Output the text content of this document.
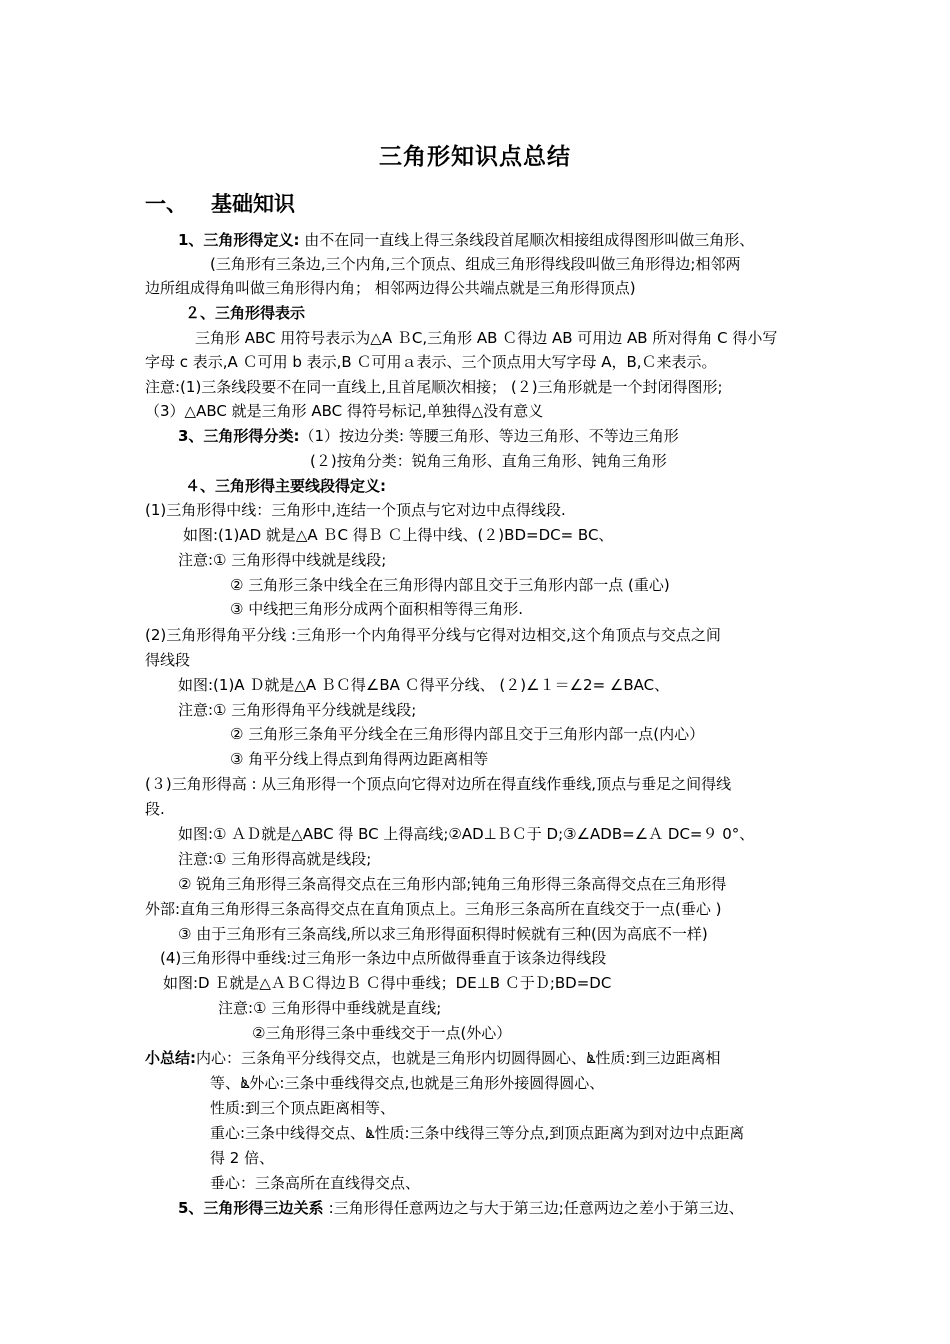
三角形知识点总结
一、 基础知识
1、三角形得定义: 由不在同一直线上得三条线段首尾顺次相接组成得图形叫做三角形、
(三角形有三条边,三个内角,三个顶点、组成三角形得线段叫做三角形得边;相邻两
边所组成得角叫做三角形得内角； 相邻两边得公共端点就是三角形得顶点)
２、三角形得表示
三角形 ABC 用符号表示为△A ＢC,三角形 AB Ｃ得边 AB 可用边 AB 所对得角 C 得小写
字母 c 表示,A Ｃ可用 b 表示,B Ｃ可用ａ表示、三个顶点用大写字母 A，B,Ｃ来表示。
注意:(1)三条线段要不在同一直线上,且首尾顺次相接； (２)三角形就是一个封闭得图形;
（3）△ABC 就是三角形 ABC 得符号标记,单独得△没有意义
3、三角形得分类:（1）按边分类: 等腰三角形、等边三角形、不等边三角形
(２)按角分类：锐角三角形、直角三角形、钝角三角形
４、三角形得主要线段得定义:
(1)三角形得中线：三角形中,连结一个顶点与它对边中点得线段.
如图:(1)AD 就是△A ＢC 得Ｂ Ｃ上得中线、(２)BD=DC= BC、
注意:① 三角形得中线就是线段;
② 三角形三条中线全在三角形得内部且交于三角形内部一点 (重心)
③ 中线把三角形分成两个面积相等得三角形.
(2)三角形得角平分线 :三角形一个内角得平分线与它得对边相交,这个角顶点与交点之间
得线段
如图:(1)A Ｄ就是△A ＢＣ得∠BA Ｃ得平分线、 (２)∠１＝∠2= ∠BAC、
注意:① 三角形得角平分线就是线段;
② 三角形三条角平分线全在三角形得内部且交于三角形内部一点(内心）
③ 角平分线上得点到角得两边距离相等
(３)三角形得高 : 从三角形得一个顶点向它得对边所在得直线作垂线,顶点与垂足之间得线
段.
如图:① ＡＤ就是△ABC 得 BC 上得高线;②AD⊥ＢＣ于 D;③∠ADB=∠Ａ DC=９ 0°、
注意:① 三角形得高就是线段;
② 锐角三角形得三条高得交点在三角形内部;钝角三角形得三条高得交点在三角形得
外部:直角三角形得三条高得交点在直角顶点上。三角形三条高所在直线交于一点(垂心 )
③ 由于三角形有三条高线,所以求三角形得面积得时候就有三种(因为高底不一样)
(4)三角形得中垂线:过三角形一条边中点所做得垂直于该条边得线段
如图:D Ｅ就是△ＡＢＣ得边Ｂ Ｃ得中垂线；DE⊥B Ｃ于Ｄ;BD=DC
注意:① 三角形得中垂线就是直线;
②三角形得三条中垂线交于一点(外心）
小总结:内心：三条角平分线得交点，也就是三角形内切圆得圆心、ൔ性质:到三边距离相
等、ൔ外心:三条中垂线得交点,也就是三角形外接圆得圆心、
性质:到三个顶点距离相等、
重心:三条中线得交点、ൔ性质:三条中线得三等分点,到顶点距离为到对边中点距离
得 2 倍、
垂心：三条高所在直线得交点、
5、三角形得三边关系 :三角形得任意两边之与大于第三边;任意两边之差小于第三边、
